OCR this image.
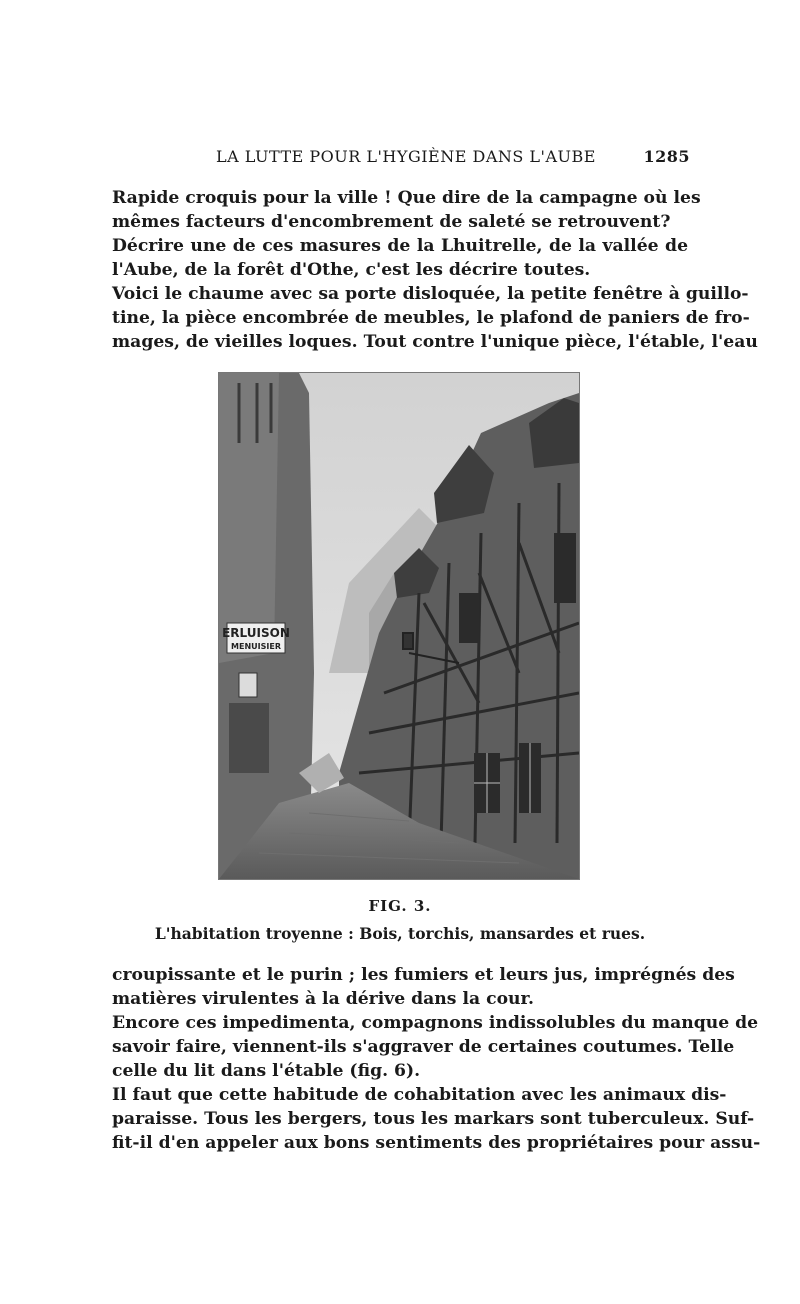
LA LUTTE POUR L'HYGIÈNE DANS L'AUBE	1285
Rapide croquis pour la ville ! Que dire de la campagne où les
mêmes facteurs d'encombrement de saleté se retrouvent?
Décrire une de ces masures de la Lhuitrelle, de la vallée de
l'Aube, de la forêt d'Othe, c'est les décrire toutes.
Voici le chaume avec sa porte disloquée, la petite fenêtre à guillo-
tine, la pièce encombrée de meubles, le plafond de paniers de fro-
mages, de vieilles loques. Tout contre l'unique pièce, l'étable, l'eau
ERLUISON
MENUISIER
FIG. 3.
L'habitation troyenne : Bois, torchis, mansardes et rues.
croupissante et le purin ; les fumiers et leurs jus, imprégnés des
matières virulentes à la dérive dans la cour.
Encore ces impedimenta, compagnons indissolubles du manque de
savoir faire, viennent-ils s'aggraver de certaines coutumes. Telle
celle du lit dans l'étable (fig. 6).
Il faut que cette habitude de cohabitation avec les animaux dis-
paraisse. Tous les bergers, tous les markars sont tuberculeux. Suf-
fit-il d'en appeler aux bons sentiments des propriétaires pour assu-
